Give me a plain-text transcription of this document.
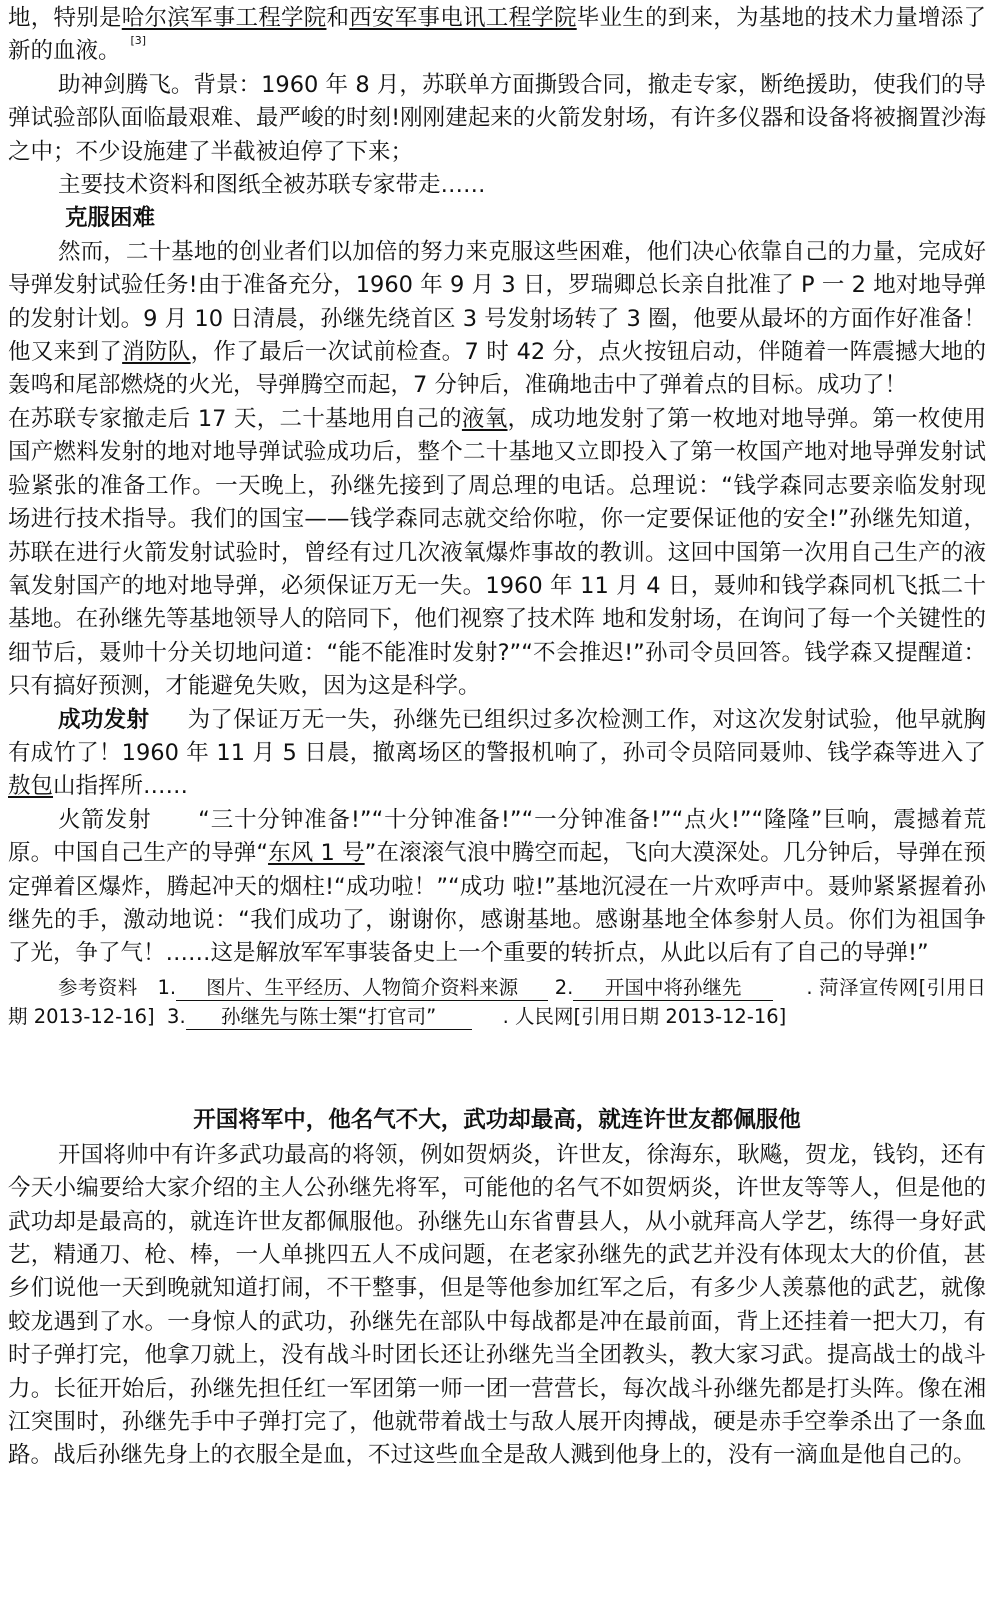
地，特别是哈尔滨军事工程学院和西安军事电讯工程学院毕业生的到来，为基地的技术力量增添了新的血液。 [3]

助神剑腾飞。背景：1960 年 8 月，苏联单方面撕毁合同，撤走专家，断绝援助，使我们的导弹试验部队面临最艰难、最严峻的时刻!刚刚建起来的火箭发射场，有许多仪器和设备将被搁置沙海之中；不少设施建了半截被迫停了下来；

主要技术资料和图纸全被苏联专家带走……

克服困难

然而，二十基地的创业者们以加倍的努力来克服这些困难，他们决心依靠自己的力量，完成好导弹发射试验任务!由于准备充分，1960 年 9 月 3 日，罗瑞卿总长亲自批准了 P 一 2 地对地导弹的发射计划。9 月 10 日清晨，孙继先绕首区 3 号发射场转了 3 圈，他要从最坏的方面作好准备！他又来到了消防队，作了最后一次试前检查。7 时 42 分，点火按钮启动，伴随着一阵震撼大地的轰鸣和尾部燃烧的火光，导弹腾空而起，7 分钟后，准确地击中了弹着点的目标。成功了！

在苏联专家撤走后 17 天，二十基地用自己的液氧，成功地发射了第一枚地对地导弹。第一枚使用国产燃料发射的地对地导弹试验成功后，整个二十基地又立即投入了第一枚国产地对地导弹发射试验紧张的准备工作。一天晚上，孙继先接到了周总理的电话。总理说：“钱学森同志要亲临发射现场进行技术指导。我们的国宝——钱学森同志就交给你啦，你一定要保证他的安全!”孙继先知道，苏联在进行火箭发射试验时，曾经有过几次液氧爆炸事故的教训。这回中国第一次用自己生产的液氧发射国产的地对地导弹，必须保证万无一失。1960 年 11 月 4 日，聂帅和钱学森同机飞抵二十基地。在孙继先等基地领导人的陪同下，他们视察了技术阵 地和发射场，在询问了每一个关键性的细节后，聂帅十分关切地问道：“能不能准时发射?”“不会推迟!”孙司令员回答。钱学森又提醒道：只有搞好预测，才能避免失败，因为这是科学。

成功发射 为了保证万无一失，孙继先已组织过多次检测工作，对这次发射试验，他早就胸有成竹了！1960 年 11 月 5 日晨，撤离场区的警报机响了，孙司令员陪同聂帅、钱学森等进入了敖包山指挥所……

火箭发射　　“三十分钟准备!”“十分钟准备!”“一分钟准备!”“点火!”“隆隆”巨响，震撼着荒原。中国自己生产的导弹“东风 1 号”在滚滚气浪中腾空而起，飞向大漠深处。几分钟后，导弹在预定弹着区爆炸，腾起冲天的烟柱!“成功啦！”“成功 啦!”基地沉浸在一片欢呼声中。聂帅紧紧握着孙继先的手，激动地说：“我们成功了，谢谢你，感谢基地。感谢基地全体参射人员。你们为祖国争了光，争了气！……这是解放军军事装备史上一个重要的转折点，从此以后有了自己的导弹!”

参考资料 1. 图片、生平经历、人物简介资料来源 2. 开国中将孙继先	. 菏泽宣传网[引用日期 2013-12-16] 3. 孙继先与陈士榘“打官司”	. 人民网[引用日期 2013-12-16]

开国将军中，他名气不大，武功却最高，就连许世友都佩服他

开国将帅中有许多武功最高的将领，例如贺炳炎，许世友，徐海东，耿飚，贺龙，钱钧，还有今天小编要给大家介绍的主人公孙继先将军，可能他的名气不如贺炳炎，许世友等等人，但是他的武功却是最高的，就连许世友都佩服他。孙继先山东省曹县人，从小就拜高人学艺，练得一身好武艺，精通刀、枪、棒，一人单挑四五人不成问题，在老家孙继先的武艺并没有体现太大的价值，甚乡们说他一天到晚就知道打闹，不干整事，但是等他参加红军之后，有多少人羡慕他的武艺，就像蛟龙遇到了水。一身惊人的武功，孙继先在部队中每战都是冲在最前面，背上还挂着一把大刀，有时子弹打完，他拿刀就上，没有战斗时团长还让孙继先当全团教头，教大家习武。提高战士的战斗力。长征开始后，孙继先担任红一军团第一师一团一营营长，每次战斗孙继先都是打头阵。像在湘江突围时，孙继先手中子弹打完了，他就带着战士与敌人展开肉搏战，硬是赤手空拳杀出了一条血路。战后孙继先身上的衣服全是血，不过这些血全是敌人溅到他身上的，没有一滴血是他自己的。
